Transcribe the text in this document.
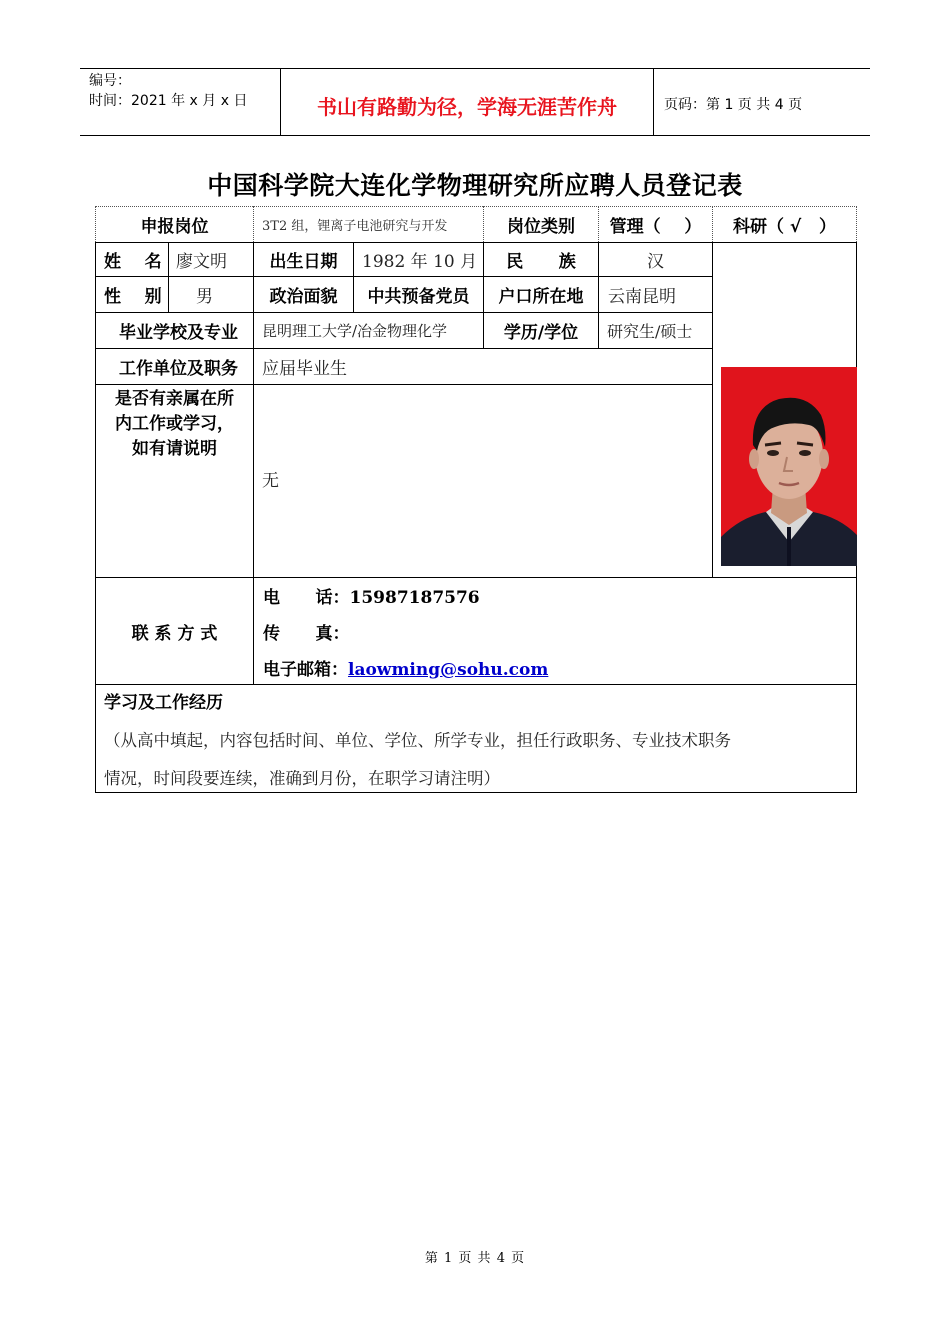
编号：
时间：2021 年 x 月 x 日	书山有路勤为径，学海无涯苦作舟	页码：第 1 页 共 4 页
中国科学院大连化学物理研究所应聘人员登记表
申报岗位	3T2 组，锂离子电池研究与开发	岗位类别	管理（    ）	科研（ √   ）
姓    名 廖文明	出生日期	1982 年 10 月	民      族	汉
性    别	男	政治面貌	中共预备党员	户口所在地	云南昆明
毕业学校及专业	昆明理工大学/冶金物理化学	学历/学位	研究生/硕士
工作单位及职务	应届毕业生
是否有亲属在所
内工作或学习，
如有请说明
无
联 系 方 式
电      话：15987187576
传      真：
电子邮箱：laowming@sohu.com
学习及工作经历
（从高中填起，内容包括时间、单位、学位、所学专业，担任行政职务、专业技术职务
情况，时间段要连续，准确到月份，在职学习请注明）
第 1 页 共 4 页
